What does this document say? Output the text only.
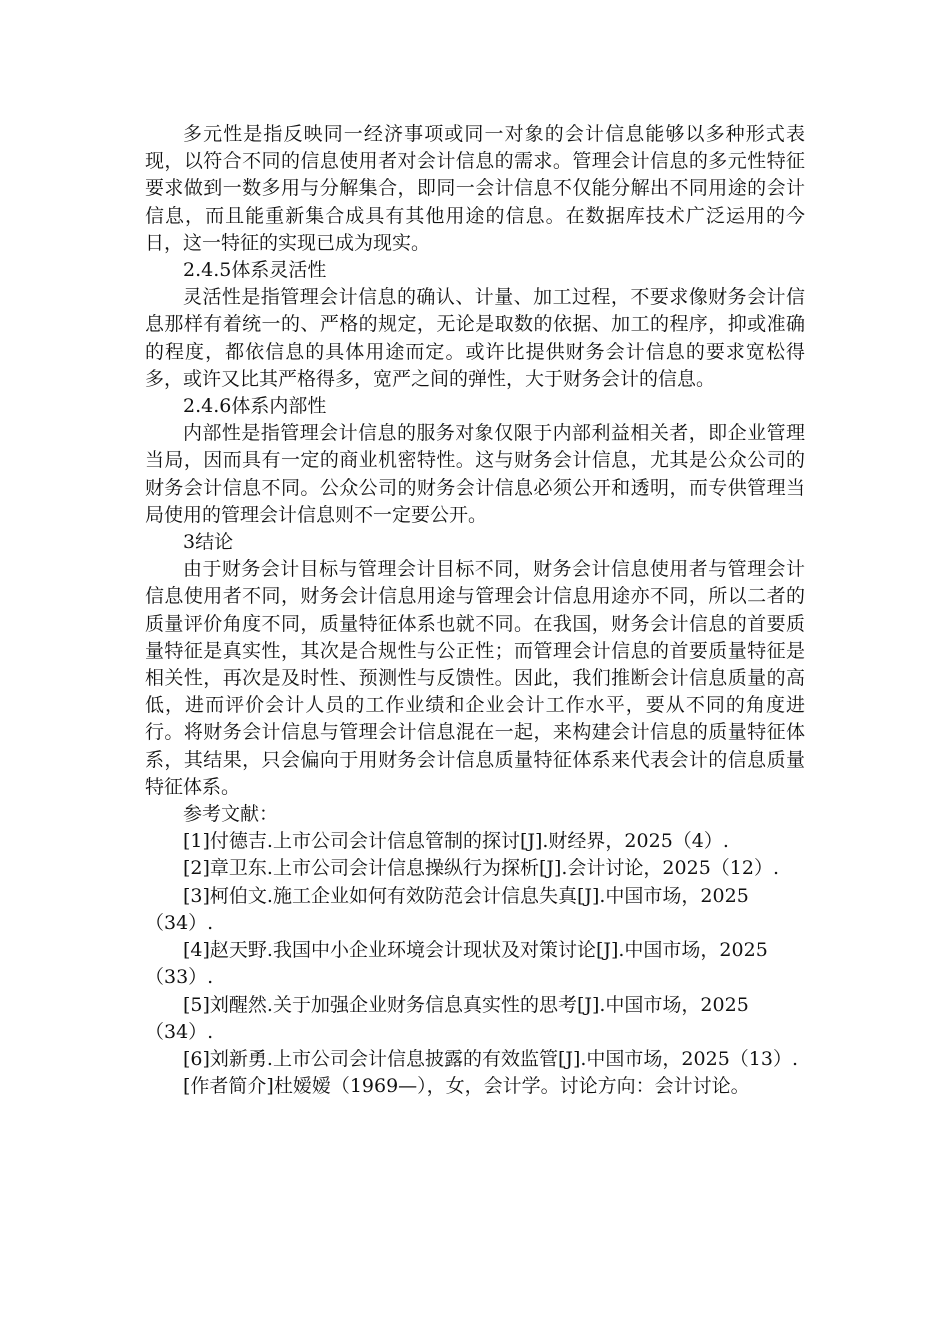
多元性是指反映同一经济事项或同一对象的会计信息能够以多种形式表现，以符合不同的信息使用者对会计信息的需求。管理会计信息的多元性特征要求做到一数多用与分解集合，即同一会计信息不仅能分解出不同用途的会计信息，而且能重新集合成具有其他用途的信息。在数据库技术广泛运用的今日，这一特征的实现已成为现实。

2.4.5体系灵活性

灵活性是指管理会计信息的确认、计量、加工过程，不要求像财务会计信息那样有着统一的、严格的规定，无论是取数的依据、加工的程序，抑或准确的程度，都依信息的具体用途而定。或许比提供财务会计信息的要求宽松得多，或许又比其严格得多，宽严之间的弹性，大于财务会计的信息。

2.4.6体系内部性

内部性是指管理会计信息的服务对象仅限于内部利益相关者，即企业管理当局，因而具有一定的商业机密特性。这与财务会计信息，尤其是公众公司的财务会计信息不同。公众公司的财务会计信息必须公开和透明，而专供管理当局使用的管理会计信息则不一定要公开。

3结论

由于财务会计目标与管理会计目标不同，财务会计信息使用者与管理会计信息使用者不同，财务会计信息用途与管理会计信息用途亦不同，所以二者的质量评价角度不同，质量特征体系也就不同。在我国，财务会计信息的首要质量特征是真实性，其次是合规性与公正性；而管理会计信息的首要质量特征是相关性，再次是及时性、预测性与反馈性。因此，我们推断会计信息质量的高低，进而评价会计人员的工作业绩和企业会计工作水平，要从不同的角度进行。将财务会计信息与管理会计信息混在一起，来构建会计信息的质量特征体系，其结果，只会偏向于用财务会计信息质量特征体系来代表会计的信息质量特征体系。

参考文献：

[1]付德吉.上市公司会计信息管制的探讨[J].财经界，2025（4）.

[2]章卫东.上市公司会计信息操纵行为探析[J].会计讨论，2025（12）.

[3]柯伯文.施工企业如何有效防范会计信息失真[J].中国市场，2025（34）.

[4]赵天野.我国中小企业环境会计现状及对策讨论[J].中国市场，2025（33）.

[5]刘醒然.关于加强企业财务信息真实性的思考[J].中国市场，2025（34）.

[6]刘新勇.上市公司会计信息披露的有效监管[J].中国市场，2025（13）.

[作者简介]杜嫒嫒（1969—），女，会计学。讨论方向：会计讨论。
